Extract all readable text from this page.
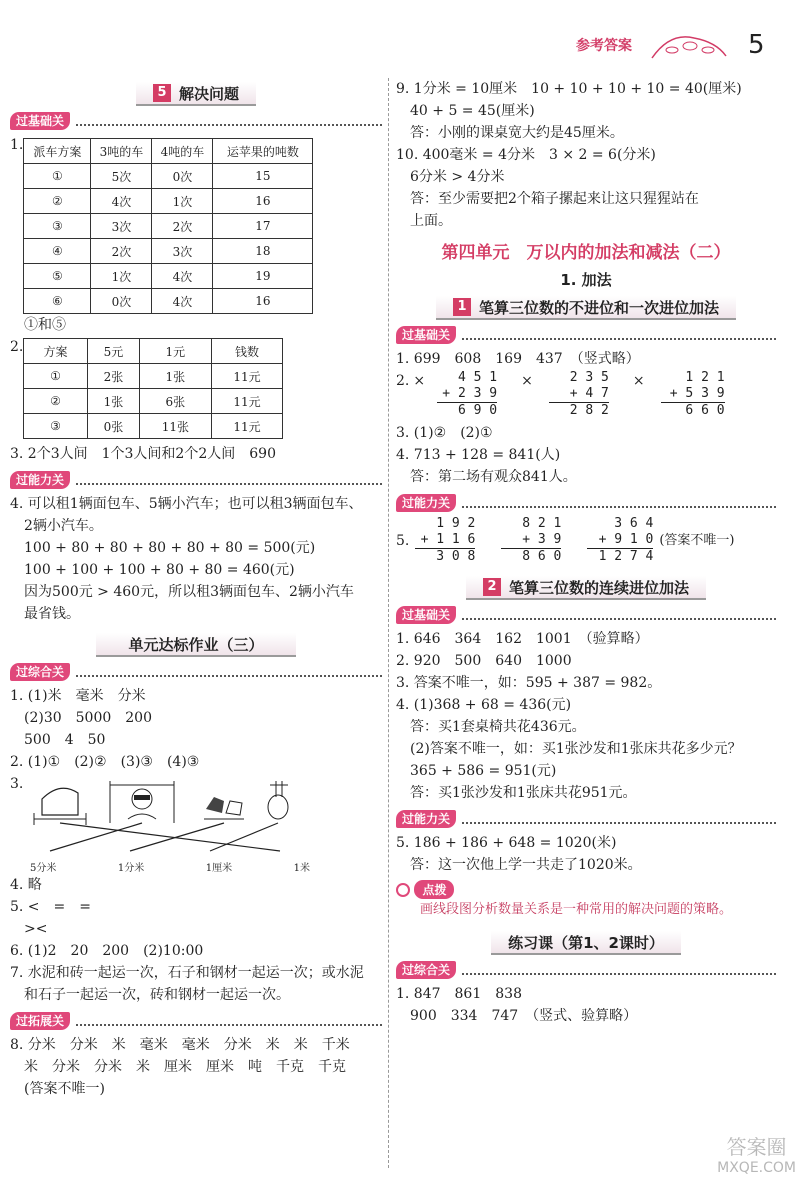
参考答案	5
5 解决问题
过基础关
1. 派车方案	3吨的车	4吨的车	运苹果的吨数
①	5次	0次	15
②	4次	1次	16
③	3次	2次	17
④	2次	3次	18
⑤	1次	4次	19
⑥	0次	4次	16
①和⑤
2. 方案	5元	1元	钱数
①	2张	1张	11元
②	1张	6张	11元
③	0张	11张	11元
3. 2个3人间　1个3人间和2个2人间　690
过能力关
4. 可以租1辆面包车、5辆小汽车；也可以租3辆面包车、
2辆小汽车。
100 + 80 + 80 + 80 + 80 + 80 = 500(元)
100 + 100 + 100 + 80 + 80 = 460(元)
因为500元 > 460元，所以租3辆面包车、2辆小汽车
最省钱。
单元达标作业（三）
过综合关
1. (1)米　毫米　分米
(2)30　5000　200
500　4　50
2. (1)①　(2)②　(3)③　(4)③
3.
5分米	1分米	1厘米	1米
4. 略
5. <　=　=
><
6. (1)2　20　200　(2)10:00
7. 水泥和砖一起运一次，石子和钢材一起运一次；或水泥
和石子一起运一次，砖和钢材一起运一次。
过拓展关
8. 分米　分米　米　毫米　毫米　分米　米　米　千米
米　分米　分米　米　厘米　厘米　吨　千克　千克
(答案不唯一)
9. 1分米 = 10厘米　10 + 10 + 10 + 10 = 40(厘米)
40 + 5 = 45(厘米)
答：小刚的课桌宽大约是45厘米。
10. 400毫米 = 4分米　3 × 2 = 6(分米)
6分米 > 4分米
答：至少需要把2个箱子摞起来让这只猩猩站在
上面。
第四单元　万以内的加法和减法（二）
1. 加法
1 笔算三位数的不进位和一次进位加法
过基础关
1. 699　608　169　437　（竖式略）
2. ×	4 5 1
+ 2 3 9
6 9 0
×	2 3 5
+ 4 7
2 8 2
×	1 2 1
+ 5 3 9
6 6 0
3. (1)②　(2)①
4. 713 + 128 = 841(人)
答：第二场有观众841人。
过能力关
5.
1 9 2
+ 1 1 6
3 0 8
8 2 1
+ 3 9
8 6 0
3 6 4
+ 9 1 0
1 2 7 4
(答案不唯一)
2 笔算三位数的连续进位加法
过基础关
1. 646　364　162　1001　（验算略）
2. 920　500　640　1000
3. 答案不唯一，如：595 + 387 = 982。
4. (1)368 + 68 = 436(元)
答：买1套桌椅共花436元。
(2)答案不唯一，如：买1张沙发和1张床共花多少元？
365 + 586 = 951(元)
答：买1张沙发和1张床共花951元。
过能力关
5. 186 + 186 + 648 = 1020(米)
答：这一次他上学一共走了1020米。
点拨
画线段图分析数量关系是一种常用的解决问题的策略。
练习课（第1、2课时）
过综合关
1. 847　861　838
900　334　747　（竖式、验算略）
答案圈
MXQE.COM
